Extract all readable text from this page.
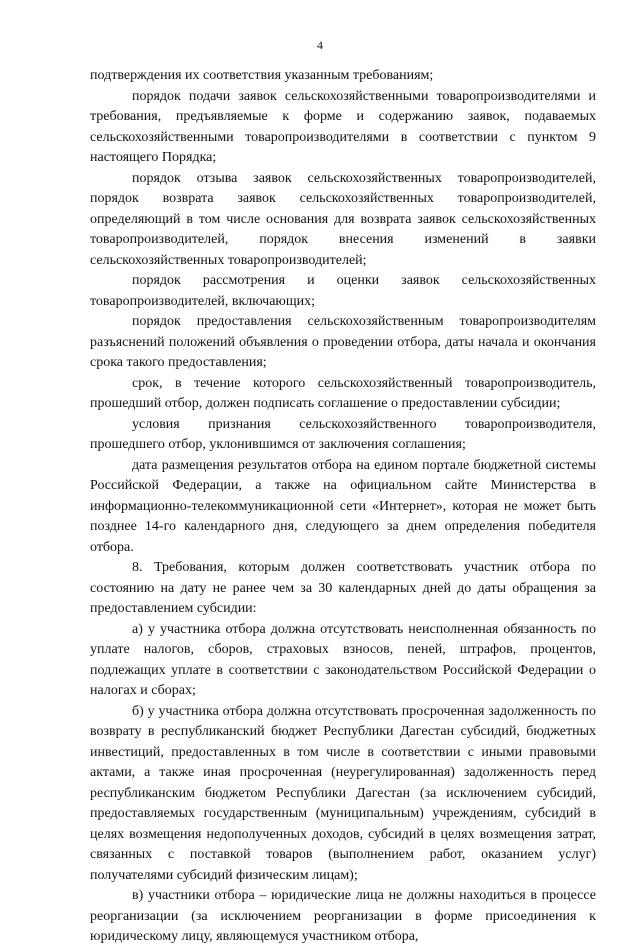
4

подтверждения их соответствия указанным требованиям;

порядок подачи заявок сельскохозяйственными товаропроизводителями и требования, предъявляемые к форме и содержанию заявок, подаваемых сельскохозяйственными товаропроизводителями в соответствии с пунктом 9 настоящего Порядка;

порядок отзыва заявок сельскохозяйственных товаропроизводителей, порядок возврата заявок сельскохозяйственных товаропроизводителей, определяющий в том числе основания для возврата заявок сельскохозяйственных товаропроизводителей, порядок внесения изменений в заявки сельскохозяйственных товаропроизводителей;

порядок рассмотрения и оценки заявок сельскохозяйственных товаропроизводителей, включающих;

порядок предоставления сельскохозяйственным товаропроизводителям разъяснений положений объявления о проведении отбора, даты начала и окончания срока такого предоставления;

срок, в течение которого сельскохозяйственный товаропроизводитель, прошедший отбор, должен подписать соглашение о предоставлении субсидии;

условия признания сельскохозяйственного товаропроизводителя, прошедшего отбор, уклонившимся от заключения соглашения;

дата размещения результатов отбора на едином портале бюджетной системы Российской Федерации, а также на официальном сайте Министерства в информационно-телекоммуникационной сети «Интернет», которая не может быть позднее 14-го календарного дня, следующего за днем определения победителя отбора.

8. Требования, которым должен соответствовать участник отбора по состоянию на дату не ранее чем за 30 календарных дней до даты обращения за предоставлением субсидии:

а) у участника отбора должна отсутствовать неисполненная обязанность по уплате налогов, сборов, страховых взносов, пеней, штрафов, процентов, подлежащих уплате в соответствии с законодательством Российской Федерации о налогах и сборах;

б) у участника отбора должна отсутствовать просроченная задолженность по возврату в республиканский бюджет Республики Дагестан субсидий, бюджетных инвестиций, предоставленных в том числе в соответствии с иными правовыми актами, а также иная просроченная (неурегулированная) задолженность перед республиканским бюджетом Республики Дагестан (за исключением субсидий, предоставляемых государственным (муниципальным) учреждениям, субсидий в целях возмещения недополученных доходов, субсидий в целях возмещения затрат, связанных с поставкой товаров (выполнением работ, оказанием услуг) получателями субсидий физическим лицам);

в) участники отбора – юридические лица не должны находиться в процессе реорганизации (за исключением реорганизации в форме присоединения к юридическому лицу, являющемуся участником отбора,
